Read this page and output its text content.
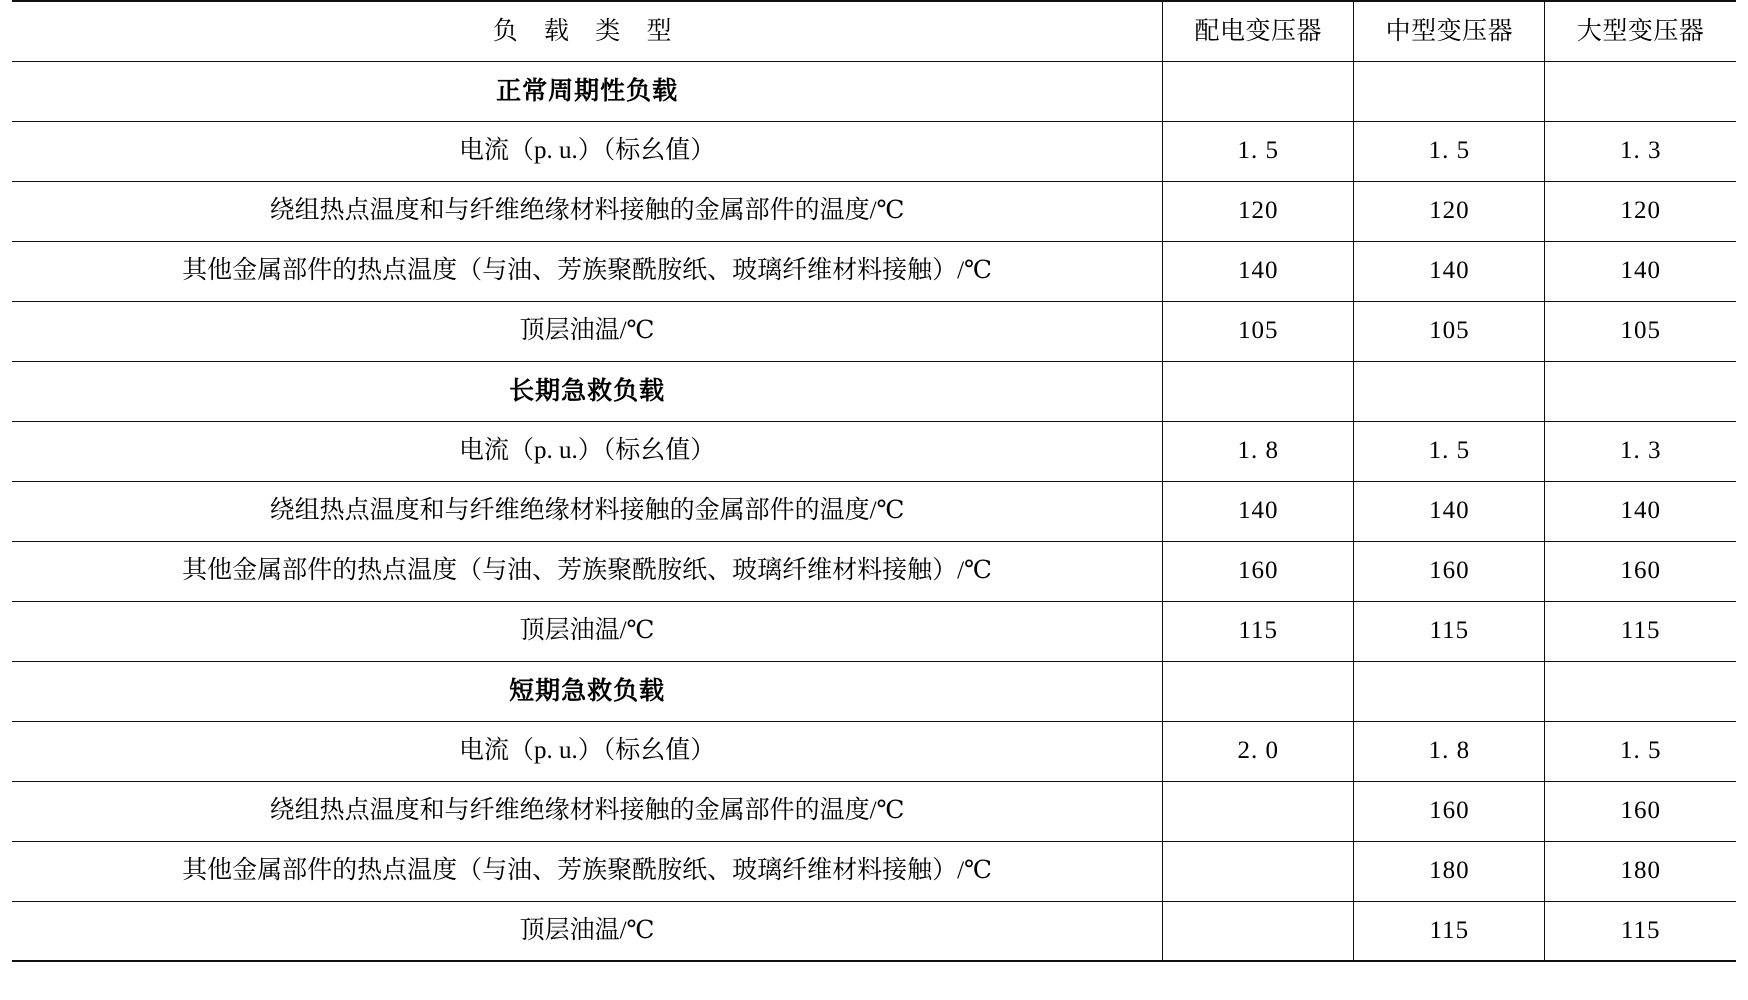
负 载 类 型	配电变压器	中型变压器	大型变压器
正常周期性负载			
电流（p. u.）（标幺值）	1. 5	1. 5	1. 3
绕组热点温度和与纤维绝缘材料接触的金属部件的温度/℃	120	120	120
其他金属部件的热点温度（与油、芳族聚酰胺纸、玻璃纤维材料接触）/℃	140	140	140
顶层油温/℃	105	105	105
长期急救负载			
电流（p. u.）（标幺值）	1. 8	1. 5	1. 3
绕组热点温度和与纤维绝缘材料接触的金属部件的温度/℃	140	140	140
其他金属部件的热点温度（与油、芳族聚酰胺纸、玻璃纤维材料接触）/℃	160	160	160
顶层油温/℃	115	115	115
短期急救负载			
电流（p. u.）（标幺值）	2. 0	1. 8	1. 5
绕组热点温度和与纤维绝缘材料接触的金属部件的温度/℃		160	160
其他金属部件的热点温度（与油、芳族聚酰胺纸、玻璃纤维材料接触）/℃		180	180
顶层油温/℃		115	115
